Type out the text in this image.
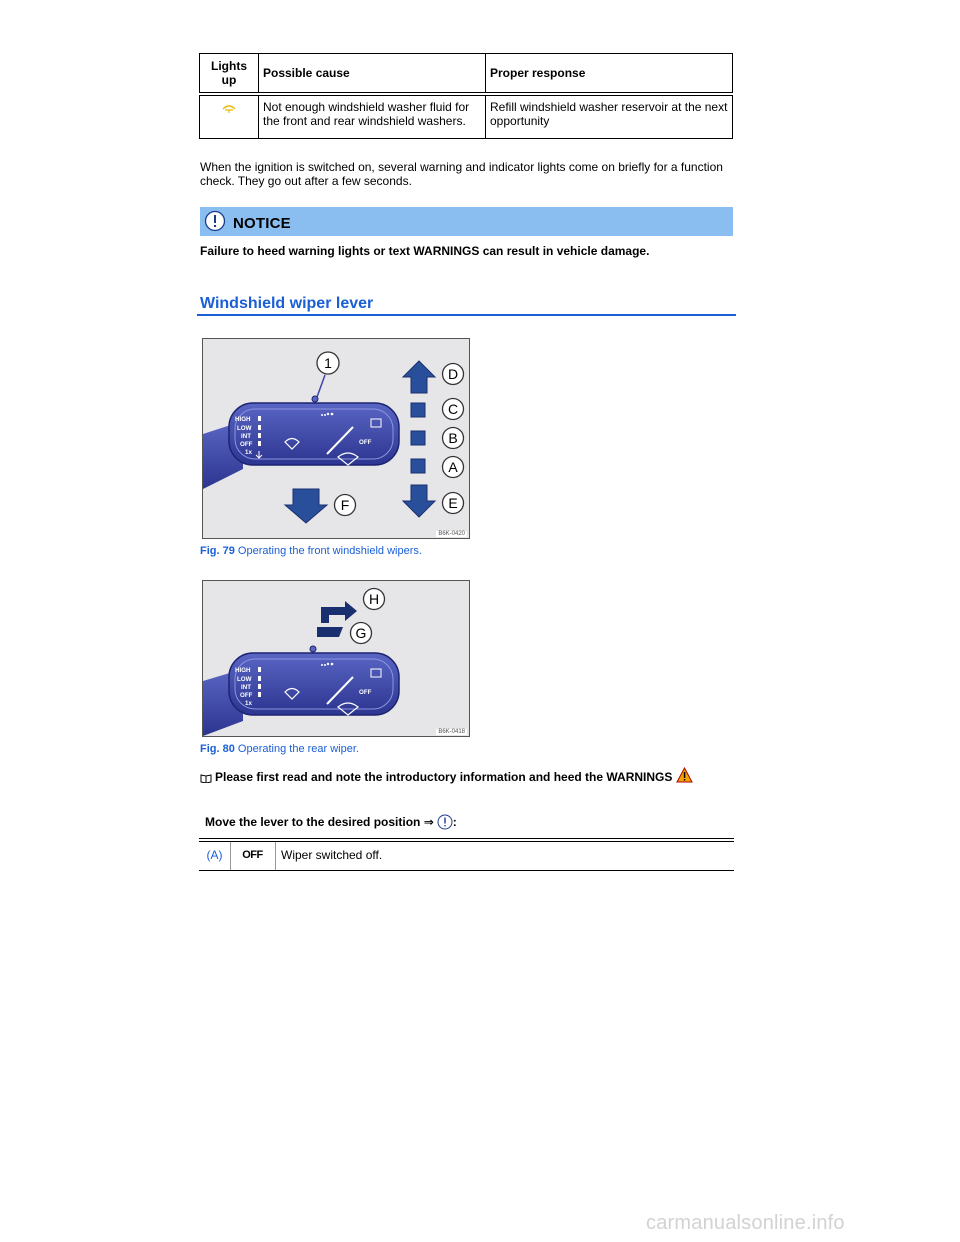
Lights up	Possible cause	Proper response
	Not enough windshield washer fluid for the front and rear windshield washers.	Refill windshield washer reservoir at the next opportunity
When the ignition is switched on, several warning and indicator lights come on briefly for a function check. They go out after a few seconds.
NOTICE
Failure to heed warning lights or text WARNINGS can result in vehicle damage.
Windshield wiper lever
HIGH
LOW
INT
OFF
1x
OFF
1
D
C
B
A
E
F
B6K-0420
Fig. 79 Operating the front windshield wipers.
HIGH
LOW
INT
OFF
1x
OFF
H
G
B6K-0418
Fig. 80 Operating the rear wiper.
Please first read and note the introductory information and heed the WARNINGS
Move the lever to the desired position ⇒ :
(A)	OFF	Wiper switched off.
carmanualsonline.info
